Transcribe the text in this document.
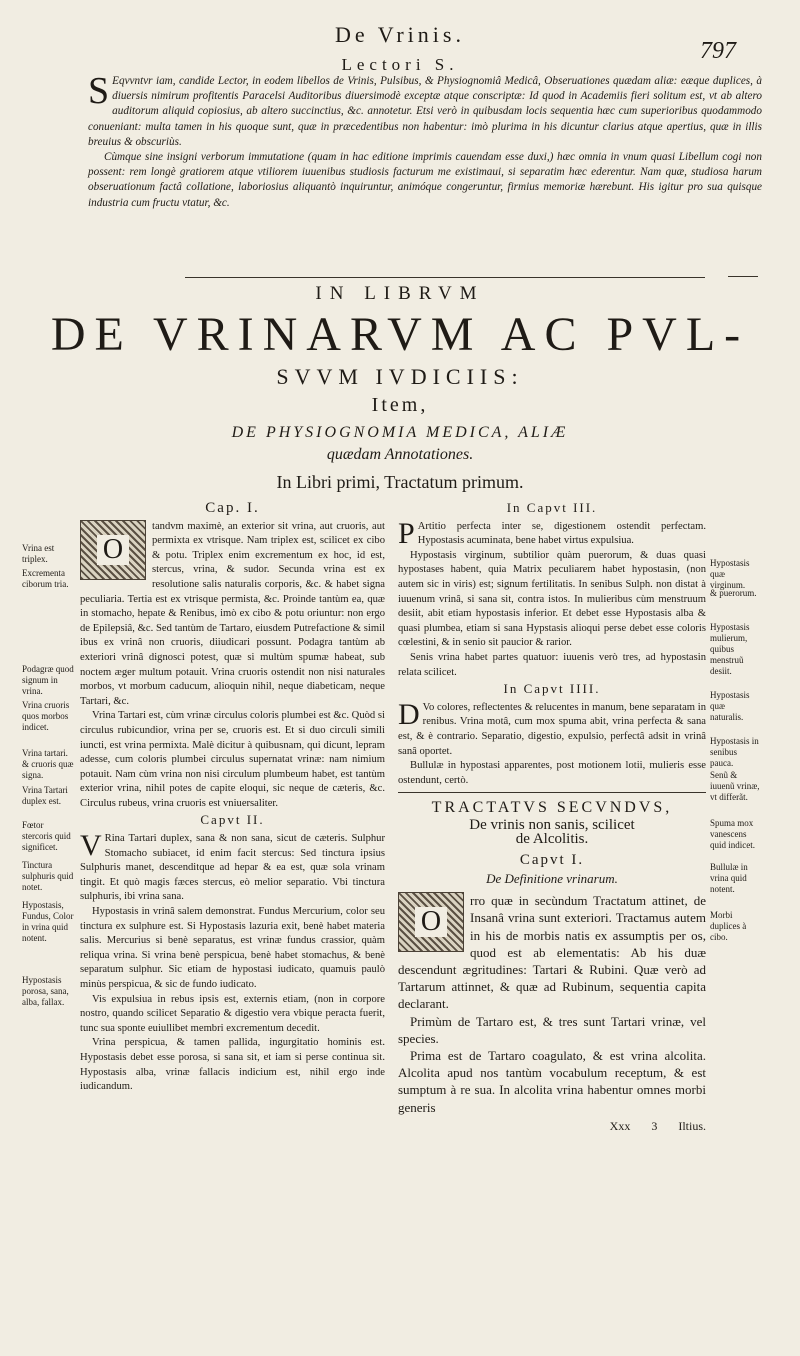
De Vrinis.
797
Lectori S.

S Eqvvntvr iam, candide Lector, in eodem libellos de Vrinis, Pulsibus, & Physiognomiâ Medicâ, Obseruationes quædam aliæ: eæque duplices, à diuersis nimirum profitentis Paracelsi Auditoribus diuersimodè exceptæ atque conscriptæ: Id quod in Academiis fieri solitum est, vt ab altero auditorum aliquid copiosius, ab altero succinctius, &c. annotetur. Etsi verò in quibusdam locis sequentia hæc cum superioribus quodammodo conueniant: multa tamen in his quoque sunt, quæ in præcedentibus non habentur: imò plurima in his dicuntur clarius atque apertius, quæ in illis breuius & obscuriùs.

Cùmque sine insigni verborum immutatione (quam in hac editione imprimis cauendam esse duxi,) hæc omnia in vnum quasi Libellum cogi non possent: rem longè gratiorem atque vtiliorem iuuenibus studiosis facturum me existimaui, si separatim hæc ederentur. Nam quæ, studiosa harum obseruationum factâ collatione, laboriosius aliquantò inquiruntur, animóque congeruntur, firmius memoriæ hærebunt. His igitur pro sua quisque industria cum fructu vtatur, &c.

IN LIBRVM
DE VRINARVM AC PVL-
SVVM IVDICIIS:
Item,
DE PHYSIOGNOMIA MEDICA, ALIÆ
quædam Annotationes.
In Libri primi, Tractatum primum.
Cap. I.

O
tandvm maximè, an exterior sit vrina, aut cruoris, aut permixta ex vtrisque. Nam triplex est, scilicet ex cibo & potu. Triplex enim excrementum ex hoc, id est, stercus, vrina, & sudor. Secunda vrina est ex resolutione salis naturalis corporis, &c. & habet signa peculiaria. Tertia est ex vtrisque permista, &c. Proinde tantùm ea, quæ in stomacho, hepate & Renibus, imò ex cibo & potu oriuntur: non ergo de Epilepsiâ, &c. Sed tantùm de Tartaro, eiusdem Putrefactione & simil ibus ex vrinâ non cruoris, diiudicari possunt. Podagra tantùm ab exteriori vrinâ dignosci potest, quæ si multùm spumæ habeat, sub noctem æger multum potauit. Vrina cruoris ostendit non nisi naturales morbos, vt morbum caducum, alioquin nihil, neque diabeticam, neque Tartari, &c.

Vrina Tartari est, cùm vrinæ circulus coloris plumbei est &c. Quòd si circulus rubicundior, vrina per se, cruoris est. Et si duo circuli simili iuncti, est vrina permixta. Malè dicitur à quibusnam, qui dicunt, lepram adesse, cum coloris plumbei circulus supernatat vrinæ: nam nimium potauit. Nam cùm vrina non nisi circulum plumbeum habet, est tantùm exterior vrina, nihil potes de capite eloqui, sic neque de cæteris, &c. Circulus rubeus, vrina cruoris est vniuersaliter.

Capvt II.

V Rina Tartari duplex, sana & non sana, sicut de cæteris. Sulphur Stomacho subiacet, id enim facit stercus: Sed tinctura ipsius Sulphuris manet, descenditque ad hepar & ea est, quæ sola vrinam tingit. Et quò magis fæces stercus, eò melior separatio. Vbi tinctura sulphuris, ibi vrina sana.

Hypostasis in vrinâ salem demonstrat. Fundus Mercurium, color seu tinctura ex sulphure est. Si Hypostasis lazuria exit, benè habet materia salis. Mercurius si benè separatus, est vrinæ fundus crassior, quàm reliqua vrina. Si vrina benè perspicua, benè habet stomachus, & benè separatum sulphur. Sic etiam de hypostasi iudicato, quamuis paulò minùs perspicua, & sic de fundo iudicato.

Vis expulsiua in rebus ipsis est, externis etiam, (non in corpore nostro, quando scilicet Separatio & digestio vera vbique peracta fuerit, tunc sua sponte euiullibet membri excrementum decedit.

Vrina perspicua, & tamen pallida, ingurgitatio hominis est. Hypostasis debet esse porosa, si sana sit, et iam si perse continua sit. Hypostasis alba, vrinæ fallacis indicium est, nihil ergo inde iudicandum.

In Capvt III.

P Artitio perfecta inter se, digestionem ostendit perfectam. Hypostasis acuminata, bene habet virtus expulsiua.

Hypostasis virginum, subtilior quàm puerorum, & duas quasi hypostases habent, quia Matrix peculiarem habet hypostasin, (non autem sic in viris) est; signum fertilitatis. In senibus Sulph. non distat à iuuenum vrinâ, si sana sit, contra istos. In mulieribus cùm menstruum desiit, abit etiam hypostasis inferior. Et debet esse Hypostasis alba & quasi plumbea, etiam si sana Hypstasis alioqui perse debet esse coloris cœlestini, & in senio sit paucior & rarior.

Senis vrina habet partes quatuor: iuuenis verò tres, ad hypostasin relata scilicet.

In Capvt IIII.

D Vo colores, reflectentes & relucentes in manum, bene separatam in renibus. Vrina motâ, cum mox spuma abit, vrina perfecta & sana est, & è contrario. Separatio, digestio, expulsio, perfectâ adsit in vrinâ sanâ oportet.

Bullulæ in hypostasi apparentes, post motionem lotii, mulieris esse ostendunt, certò.

TRACTATVS SECVNDVS,
De vrinis non sanis, scilicet
de Alcolitis.
Capvt I.
De Definitione vrinarum.

O
rro quæ in secùndum Tractatum attinet, de Insanâ vrina sunt exteriori. Tractamus autem in his de morbis natis ex assumptis per os, quod est ab elementatis: Ab his duæ descendunt ægritudines: Tartari & Rubini. Quæ verò ad Tartarum attinnet, & quæ ad Rubinum, sequentia capita declarant.

Primùm de Tartaro est, & tres sunt Tartari vrinæ, vel species.

Prima est de Tartaro coagulato, & est vrina alcolita. Alcolita apud nos tantùm vocabulum receptum, & est sumptum à re sua. In alcolita vrina habentur omnes morbi generis

Xxx 3 Iltius.
Vrina est triplex.
Excrementa ciborum tria.
Podagræ quod signum in vrina.
Vrina cruoris quos morbos indicet.
Vrina tartari. & cruoris quæ signa.
Vrina Tartari duplex est.
Fœtor stercoris quid significet.
Tinctura sulphuris quid notet.
Hypostasis, Fundus, Color in vrina quid notent.
Hypostasis porosa, sana, alba, fallax.
Hypostasis quæ virginum.
& puerorum.
Hypostasis mulierum, quibus menstruũ desiit.
Hypostasis quæ naturalis.
Hypostasis in senibus pauca.
Senũ & iuuenũ vrinæ, vt differãt.
Spuma mox vanescens quid indicet.
Bullulæ in vrina quid notent.
Morbi duplices à cibo.
